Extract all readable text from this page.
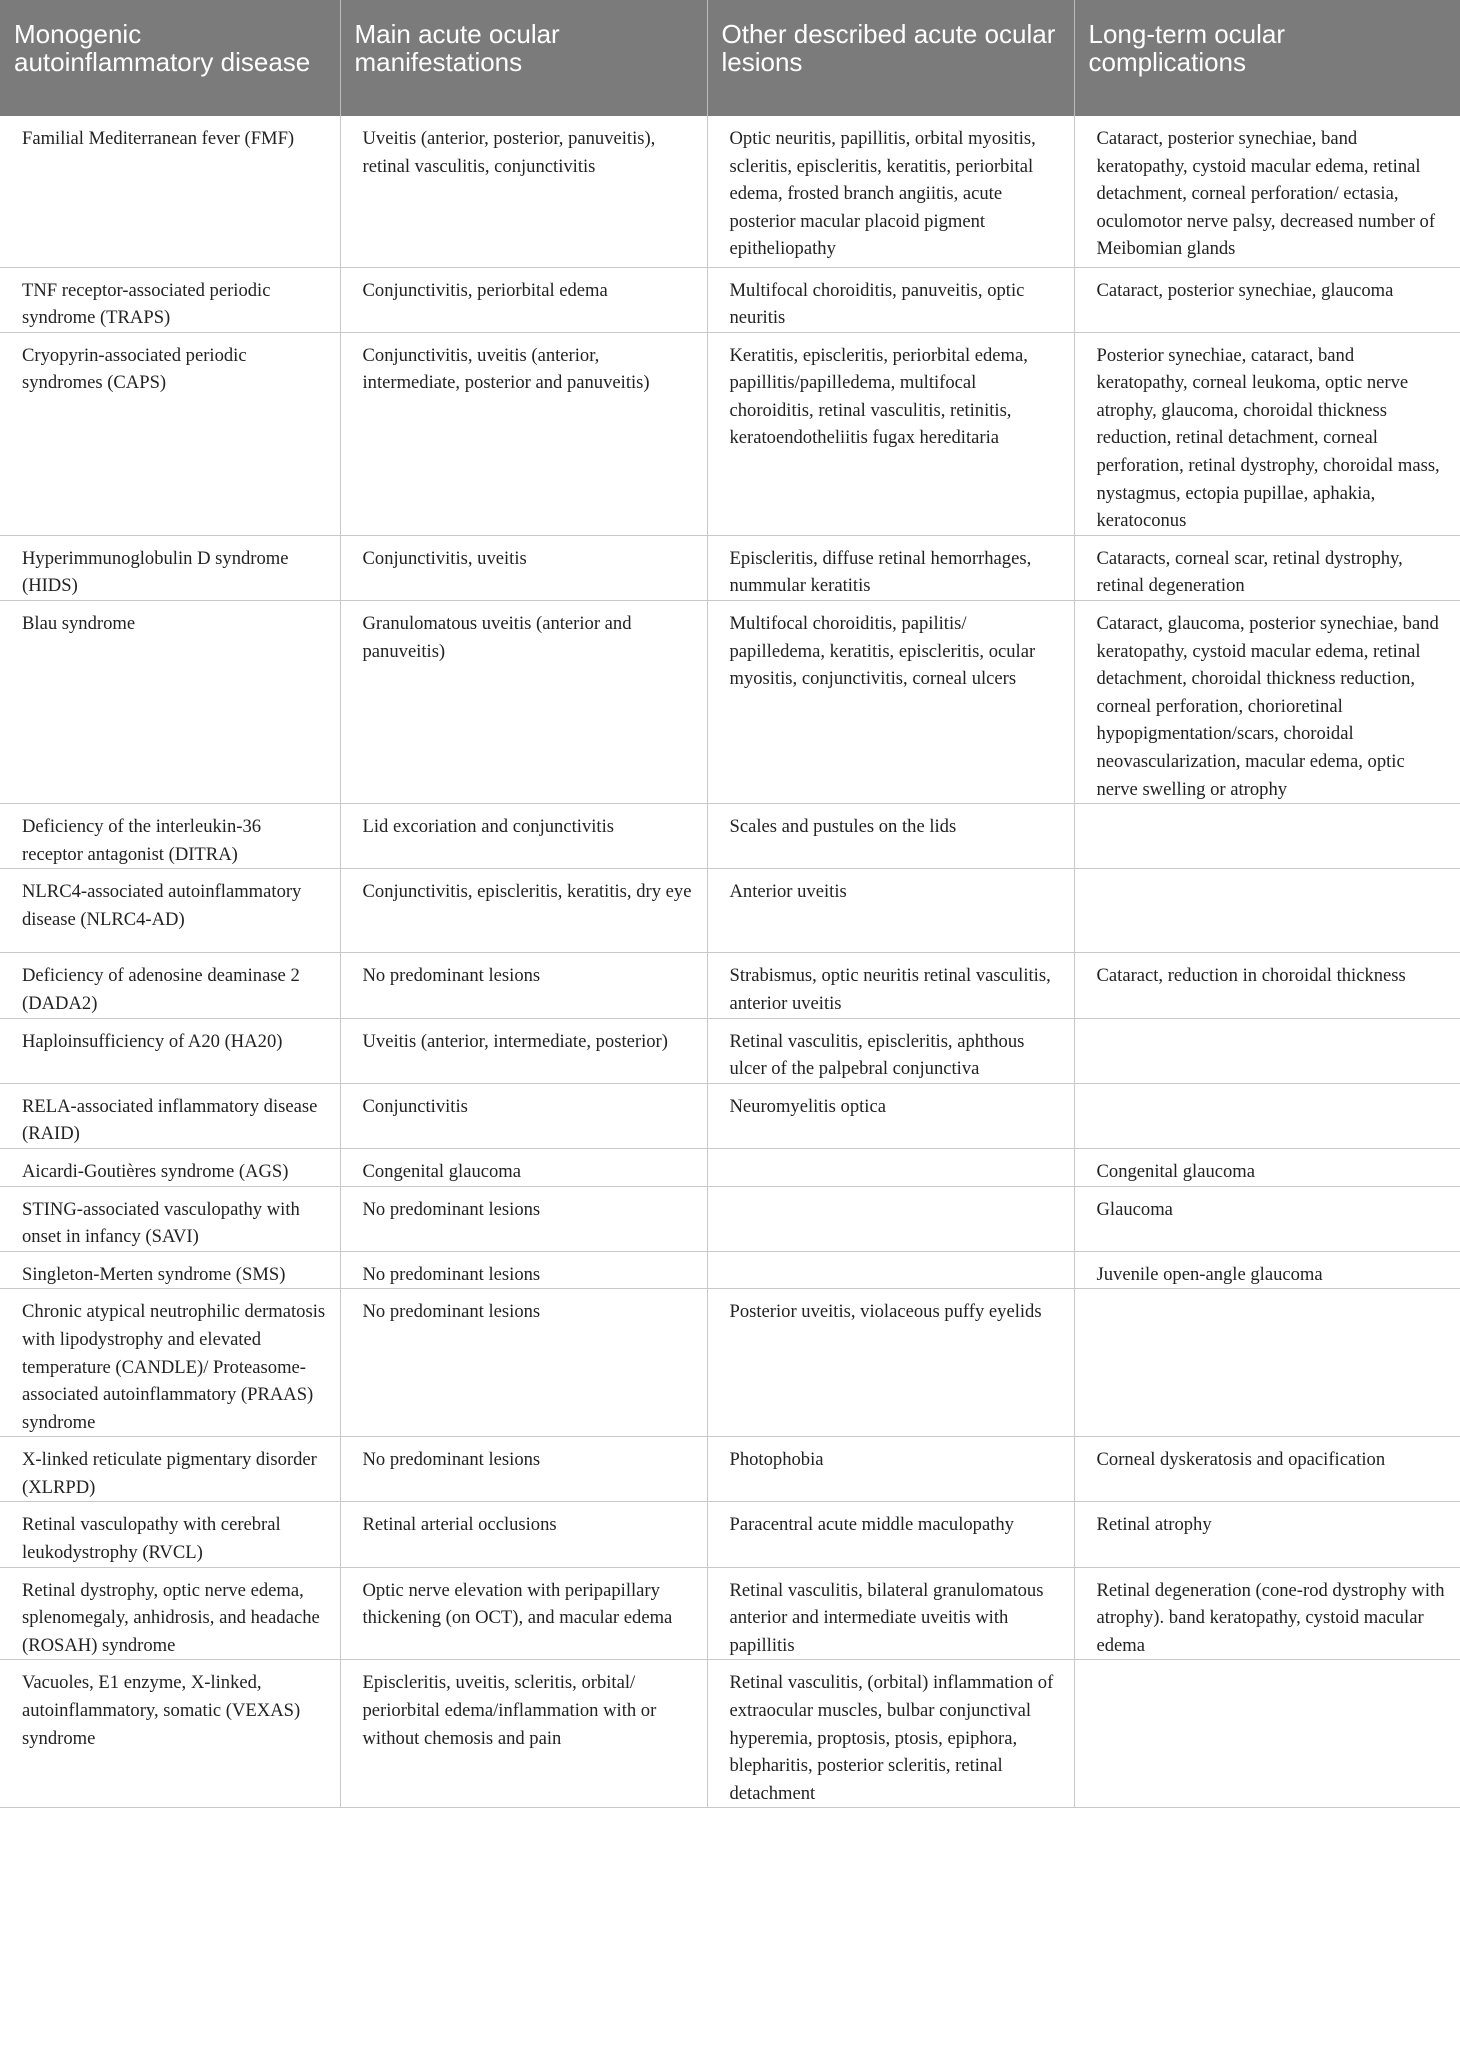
Monogenic autoinflammatory disease	Main acute ocular manifestations	Other described acute ocular lesions	Long-term ocular complications
Familial Mediterranean fever (FMF)	Uveitis (anterior, posterior, panuveitis), retinal vasculitis, conjunctivitis	Optic neuritis, papillitis, orbital myositis, scleritis, episcleritis, keratitis, periorbital edema, frosted branch angiitis, acute posterior macular placoid pigment epitheliopathy	Cataract, posterior synechiae, band keratopathy, cystoid macular edema, retinal detachment, corneal perforation/ ectasia, oculomotor nerve palsy, decreased number of Meibomian glands
TNF receptor-associated periodic syndrome (TRAPS)	Conjunctivitis, periorbital edema	Multifocal choroiditis, panuveitis, optic neuritis	Cataract, posterior synechiae, glaucoma
Cryopyrin-associated periodic syndromes (CAPS)	Conjunctivitis, uveitis (anterior, intermediate, posterior and panuveitis)	Keratitis, episcleritis, periorbital edema, papillitis/papilledema, multifocal choroiditis, retinal vasculitis, retinitis, keratoendotheliitis fugax hereditaria	Posterior synechiae, cataract, band keratopathy, corneal leukoma, optic nerve atrophy, glaucoma, choroidal thickness reduction, retinal detachment, corneal perforation, retinal dystrophy, choroidal mass, nystagmus, ectopia pupillae, aphakia, keratoconus
Hyperimmunoglobulin D syndrome (HIDS)	Conjunctivitis, uveitis	Episcleritis, diffuse retinal hemorrhages, nummular keratitis	Cataracts, corneal scar, retinal dystrophy, retinal degeneration
Blau syndrome	Granulomatous uveitis (anterior and panuveitis)	Multifocal choroiditis, papilitis/ papilledema, keratitis, episcleritis, ocular myositis, conjunctivitis, corneal ulcers	Cataract, glaucoma, posterior synechiae, band keratopathy, cystoid macular edema, retinal detachment, choroidal thickness reduction, corneal perforation, chorioretinal hypopigmentation/scars, choroidal neovascularization, macular edema, optic nerve swelling or atrophy
Deficiency of the interleukin-36 receptor antagonist (DITRA)	Lid excoriation and conjunctivitis	Scales and pustules on the lids	
NLRC4-associated autoinflammatory disease (NLRC4-AD)	Conjunctivitis, episcleritis, keratitis, dry eye	Anterior uveitis	
Deficiency of adenosine deaminase 2 (DADA2)	No predominant lesions	Strabismus, optic neuritis retinal vasculitis, anterior uveitis	Cataract, reduction in choroidal thickness
Haploinsufficiency of A20 (HA20)	Uveitis (anterior, intermediate, posterior)	Retinal vasculitis, episcleritis, aphthous ulcer of the palpebral conjunctiva	
RELA-associated inflammatory disease (RAID)	Conjunctivitis	Neuromyelitis optica	
Aicardi-Goutières syndrome (AGS)	Congenital glaucoma		Congenital glaucoma
STING-associated vasculopathy with onset in infancy (SAVI)	No predominant lesions		Glaucoma
Singleton-Merten syndrome (SMS)	No predominant lesions		Juvenile open-angle glaucoma
Chronic atypical neutrophilic dermatosis with lipodystrophy and elevated temperature (CANDLE)/ Proteasome-associated autoinflammatory (PRAAS) syndrome	No predominant lesions	Posterior uveitis, violaceous puffy eyelids	
X-linked reticulate pigmentary disorder (XLRPD)	No predominant lesions	Photophobia	Corneal dyskeratosis and opacification
Retinal vasculopathy with cerebral leukodystrophy (RVCL)	Retinal arterial occlusions	Paracentral acute middle maculopathy	Retinal atrophy
Retinal dystrophy, optic nerve edema, splenomegaly, anhidrosis, and headache (ROSAH) syndrome	Optic nerve elevation with peripapillary thickening (on OCT), and macular edema	Retinal vasculitis, bilateral granulomatous anterior and intermediate uveitis with papillitis	Retinal degeneration (cone-rod dystrophy with atrophy). band keratopathy, cystoid macular edema
Vacuoles, E1 enzyme, X-linked, autoinflammatory, somatic (VEXAS) syndrome	Episcleritis, uveitis, scleritis, orbital/ periorbital edema/inflammation with or without chemosis and pain	Retinal vasculitis, (orbital) inflammation of extraocular muscles, bulbar conjunctival hyperemia, proptosis, ptosis, epiphora, blepharitis, posterior scleritis, retinal detachment	
